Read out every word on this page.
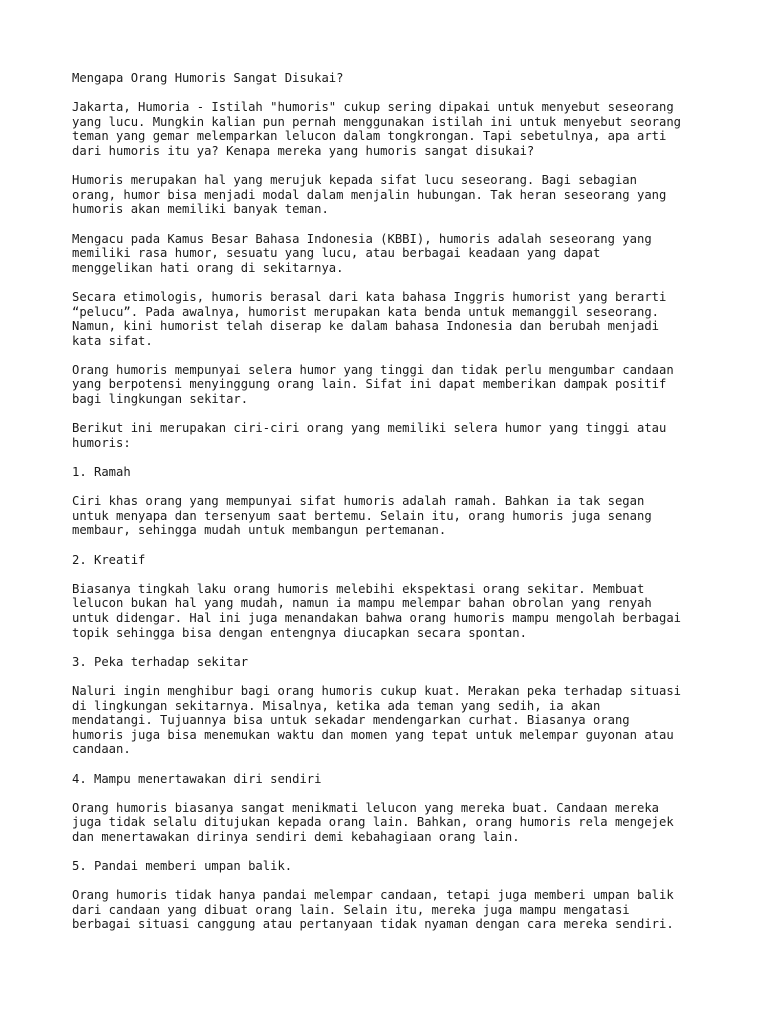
Mengapa Orang Humoris Sangat Disukai?

Jakarta, Humoria - Istilah "humoris" cukup sering dipakai untuk menyebut seseorang
yang lucu. Mungkin kalian pun pernah menggunakan istilah ini untuk menyebut seorang
teman yang gemar melemparkan lelucon dalam tongkrongan. Tapi sebetulnya, apa arti
dari humoris itu ya? Kenapa mereka yang humoris sangat disukai?

Humoris merupakan hal yang merujuk kepada sifat lucu seseorang. Bagi sebagian
orang, humor bisa menjadi modal dalam menjalin hubungan. Tak heran seseorang yang
humoris akan memiliki banyak teman.

Mengacu pada Kamus Besar Bahasa Indonesia (KBBI), humoris adalah seseorang yang
memiliki rasa humor, sesuatu yang lucu, atau berbagai keadaan yang dapat
menggelikan hati orang di sekitarnya.

Secara etimologis, humoris berasal dari kata bahasa Inggris humorist yang berarti
“pelucu”. Pada awalnya, humorist merupakan kata benda untuk memanggil seseorang.
Namun, kini humorist telah diserap ke dalam bahasa Indonesia dan berubah menjadi
kata sifat.

Orang humoris mempunyai selera humor yang tinggi dan tidak perlu mengumbar candaan
yang berpotensi menyinggung orang lain. Sifat ini dapat memberikan dampak positif
bagi lingkungan sekitar.

Berikut ini merupakan ciri-ciri orang yang memiliki selera humor yang tinggi atau
humoris:

1. Ramah

Ciri khas orang yang mempunyai sifat humoris adalah ramah. Bahkan ia tak segan
untuk menyapa dan tersenyum saat bertemu. Selain itu, orang humoris juga senang
membaur, sehingga mudah untuk membangun pertemanan.

2. Kreatif

Biasanya tingkah laku orang humoris melebihi ekspektasi orang sekitar. Membuat
lelucon bukan hal yang mudah, namun ia mampu melempar bahan obrolan yang renyah
untuk didengar. Hal ini juga menandakan bahwa orang humoris mampu mengolah berbagai
topik sehingga bisa dengan entengnya diucapkan secara spontan.

3. Peka terhadap sekitar

Naluri ingin menghibur bagi orang humoris cukup kuat. Merakan peka terhadap situasi
di lingkungan sekitarnya. Misalnya, ketika ada teman yang sedih, ia akan
mendatangi. Tujuannya bisa untuk sekadar mendengarkan curhat. Biasanya orang
humoris juga bisa menemukan waktu dan momen yang tepat untuk melempar guyonan atau
candaan.

4. Mampu menertawakan diri sendiri

Orang humoris biasanya sangat menikmati lelucon yang mereka buat. Candaan mereka
juga tidak selalu ditujukan kepada orang lain. Bahkan, orang humoris rela mengejek
dan menertawakan dirinya sendiri demi kebahagiaan orang lain.

5. Pandai memberi umpan balik.

Orang humoris tidak hanya pandai melempar candaan, tetapi juga memberi umpan balik
dari candaan yang dibuat orang lain. Selain itu, mereka juga mampu mengatasi
berbagai situasi canggung atau pertanyaan tidak nyaman dengan cara mereka sendiri.
